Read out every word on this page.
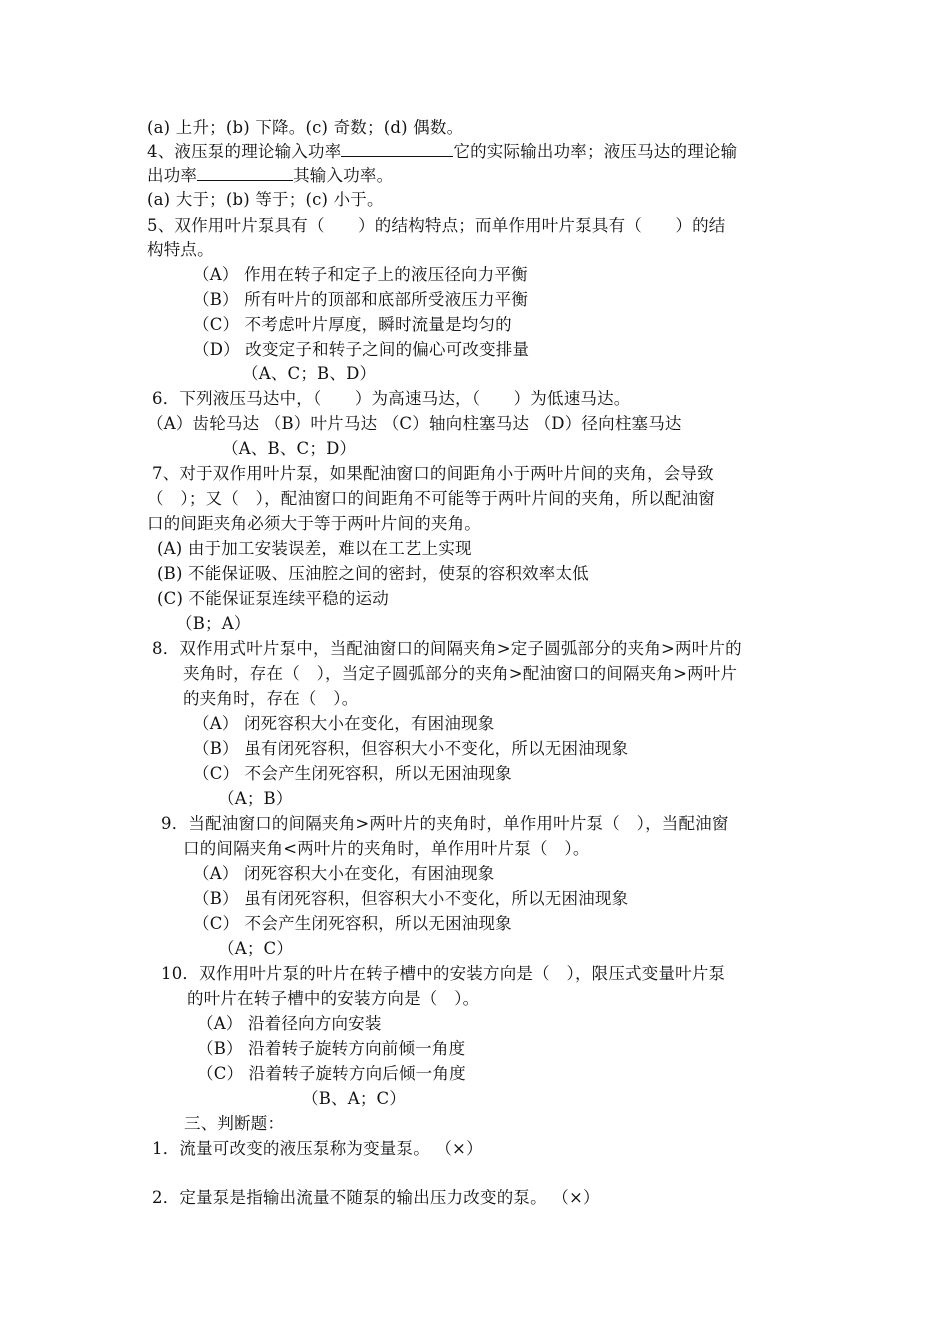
(a) 上升；(b) 下降。(c) 奇数；(d) 偶数。
4、液压泵的理论输入功率	它的实际输出功率；液压马达的理论输
出功率	其输入功率。
(a) 大于；(b) 等于；(c) 小于。
5、双作用叶片泵具有（　　）的结构特点；而单作用叶片泵具有（　　）的结
构特点。
（A） 作用在转子和定子上的液压径向力平衡
（B） 所有叶片的顶部和底部所受液压力平衡
（C） 不考虑叶片厚度，瞬时流量是均匀的
（D） 改变定子和转子之间的偏心可改变排量
（A、C；B、D）
6．下列液压马达中，（　　）为高速马达，（　　）为低速马达。
（A）齿轮马达 （B）叶片马达 （C）轴向柱塞马达 （D）径向柱塞马达
（A、B、C；D）
7、对于双作用叶片泵，如果配油窗口的间距角小于两叶片间的夹角，会导致
（　）；又（　），配油窗口的间距角不可能等于两叶片间的夹角，所以配油窗
口的间距夹角必须大于等于两叶片间的夹角。
(A) 由于加工安装误差，难以在工艺上实现
(B) 不能保证吸、压油腔之间的密封，使泵的容积效率太低
(C) 不能保证泵连续平稳的运动
（B；A）
8．双作用式叶片泵中，当配油窗口的间隔夹角>定子圆弧部分的夹角>两叶片的
夹角时，存在（　），当定子圆弧部分的夹角>配油窗口的间隔夹角>两叶片
的夹角时，存在（　）。
（A） 闭死容积大小在变化，有困油现象
（B） 虽有闭死容积，但容积大小不变化，所以无困油现象
（C） 不会产生闭死容积，所以无困油现象
（A；B）
9．当配油窗口的间隔夹角>两叶片的夹角时，单作用叶片泵（　），当配油窗
口的间隔夹角<两叶片的夹角时，单作用叶片泵（　）。
（A） 闭死容积大小在变化，有困油现象
（B） 虽有闭死容积，但容积大小不变化，所以无困油现象
（C） 不会产生闭死容积，所以无困油现象
（A；C）
10．双作用叶片泵的叶片在转子槽中的安装方向是（　），限压式变量叶片泵
的叶片在转子槽中的安装方向是（　）。
（A） 沿着径向方向安装
（B） 沿着转子旋转方向前倾一角度
（C） 沿着转子旋转方向后倾一角度
（B、A；C）
三、判断题：
1．流量可改变的液压泵称为变量泵。 （×）
2．定量泵是指输出流量不随泵的输出压力改变的泵。 （×）
